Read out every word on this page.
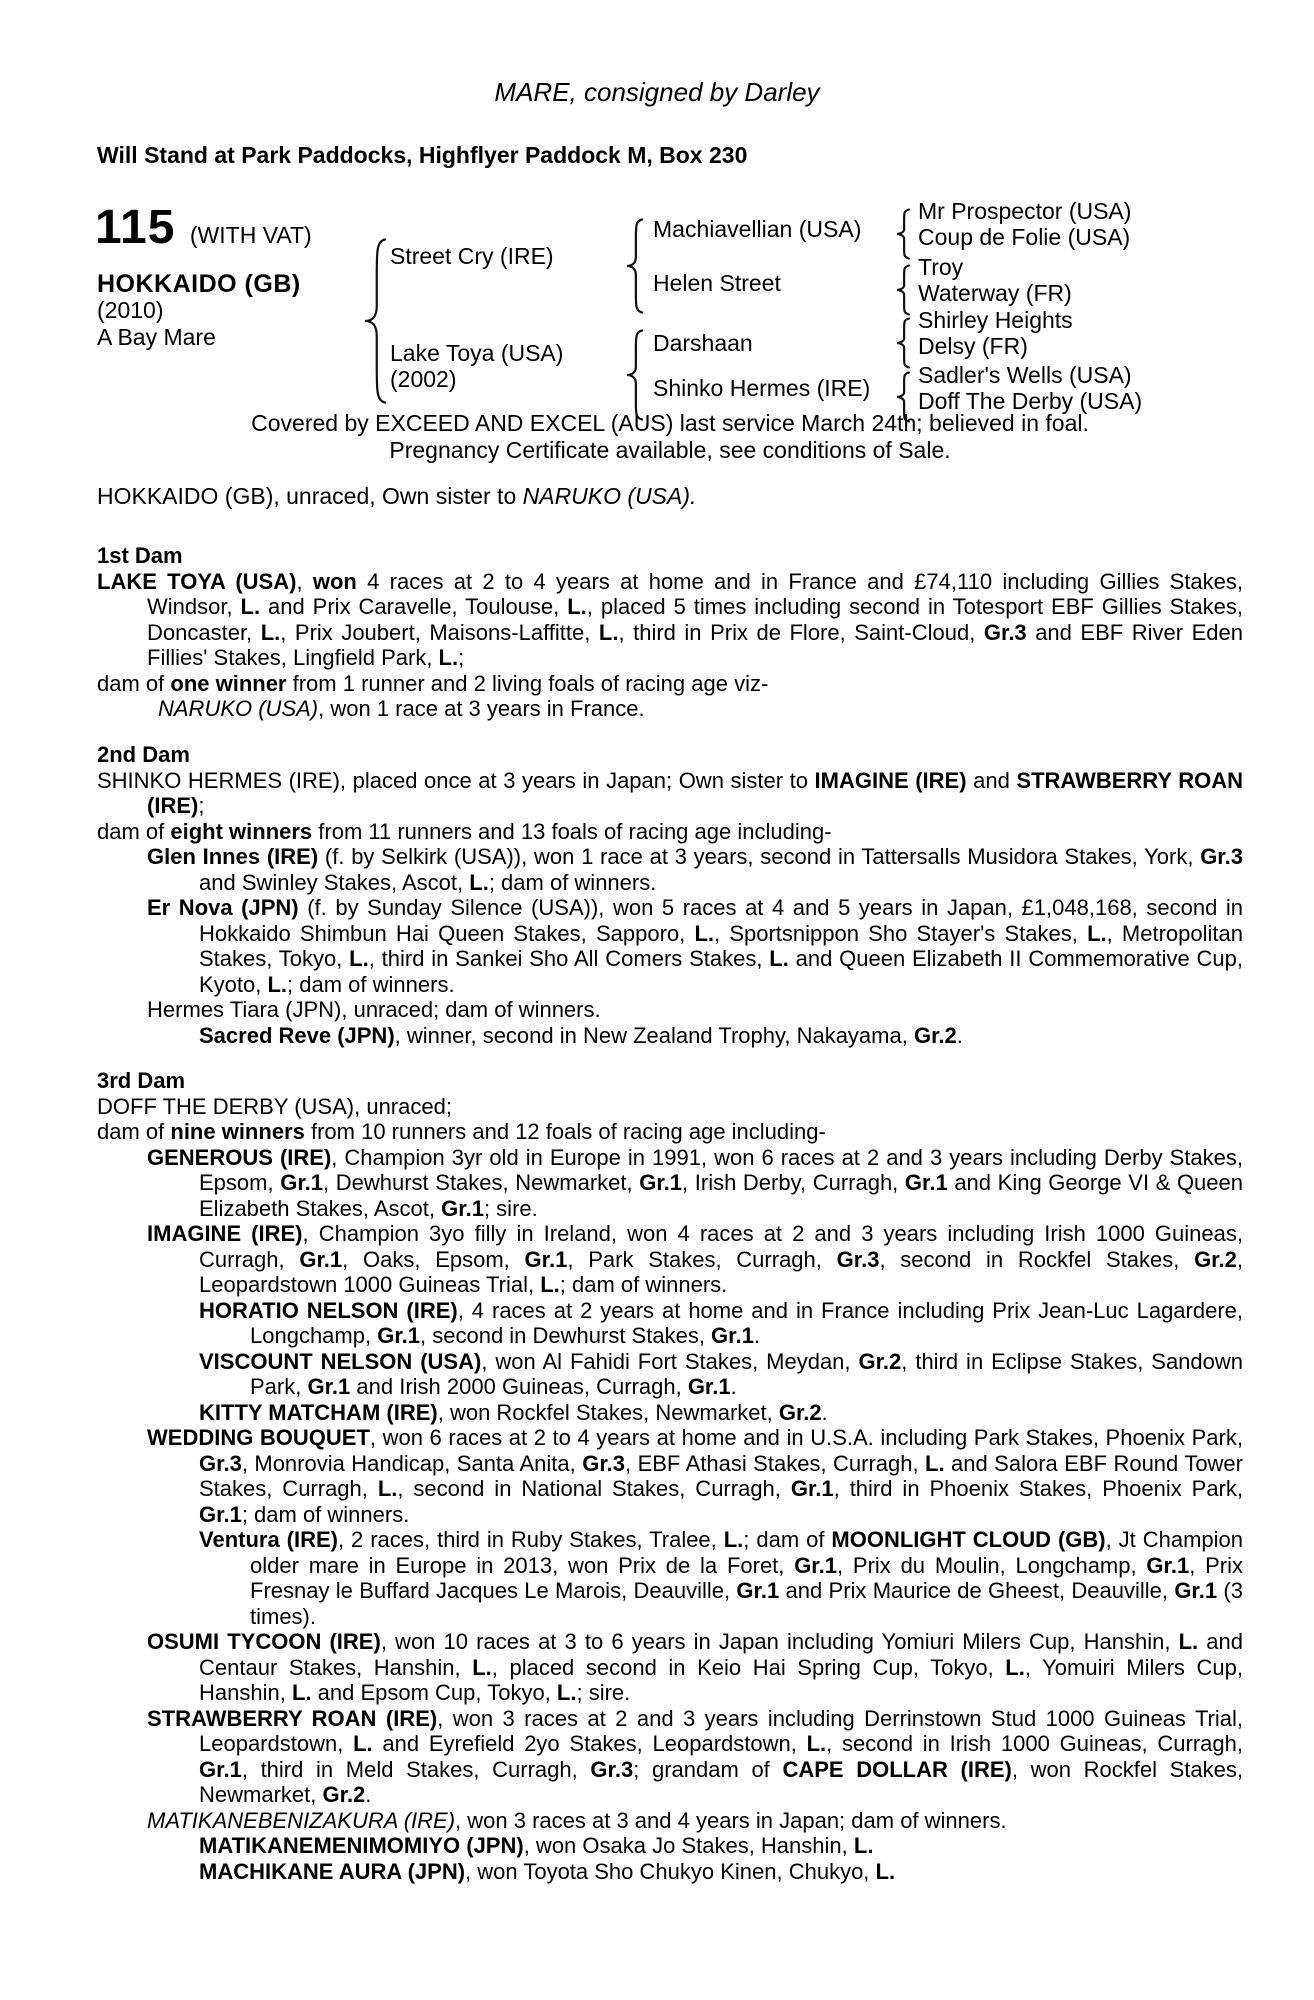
MARE, consigned by Darley
Will Stand at Park Paddocks, Highflyer Paddock M, Box 230
115 (WITH VAT)
HOKKAIDO (GB)
(2010)
A Bay Mare
Street Cry (IRE)
Lake Toya (USA)
(2002)
Machiavellian (USA)
Helen Street
Darshaan
Shinko Hermes (IRE)
Mr Prospector (USA)
Coup de Folie (USA)
Troy
Waterway (FR)
Shirley Heights
Delsy (FR)
Sadler's Wells (USA)
Doff The Derby (USA)
Covered by EXCEED AND EXCEL (AUS) last service March 24th; believed in foal.
Pregnancy Certificate available, see conditions of Sale.
HOKKAIDO (GB), unraced, Own sister to NARUKO (USA).
1st Dam
LAKE TOYA (USA), won 4 races at 2 to 4 years at home and in France and £74,110 including Gillies Stakes, Windsor, L. and Prix Caravelle, Toulouse, L., placed 5 times including second in Totesport EBF Gillies Stakes, Doncaster, L., Prix Joubert, Maisons-Laffitte, L., third in Prix de Flore, Saint-Cloud, Gr.3 and EBF River Eden Fillies' Stakes, Lingfield Park, L.;
dam of one winner from 1 runner and 2 living foals of racing age viz-
NARUKO (USA), won 1 race at 3 years in France.
2nd Dam
SHINKO HERMES (IRE), placed once at 3 years in Japan; Own sister to IMAGINE (IRE) and STRAWBERRY ROAN (IRE);
dam of eight winners from 11 runners and 13 foals of racing age including-
Glen Innes (IRE) (f. by Selkirk (USA)), won 1 race at 3 years, second in Tattersalls Musidora Stakes, York, Gr.3 and Swinley Stakes, Ascot, L.; dam of winners.
Er Nova (JPN) (f. by Sunday Silence (USA)), won 5 races at 4 and 5 years in Japan, £1,048,168, second in Hokkaido Shimbun Hai Queen Stakes, Sapporo, L., Sportsnippon Sho Stayer's Stakes, L., Metropolitan Stakes, Tokyo, L., third in Sankei Sho All Comers Stakes, L. and Queen Elizabeth II Commemorative Cup, Kyoto, L.; dam of winners.
Hermes Tiara (JPN), unraced; dam of winners.
Sacred Reve (JPN), winner, second in New Zealand Trophy, Nakayama, Gr.2.
3rd Dam
DOFF THE DERBY (USA), unraced;
dam of nine winners from 10 runners and 12 foals of racing age including-
GENEROUS (IRE), Champion 3yr old in Europe in 1991, won 6 races at 2 and 3 years including Derby Stakes, Epsom, Gr.1, Dewhurst Stakes, Newmarket, Gr.1, Irish Derby, Curragh, Gr.1 and King George VI & Queen Elizabeth Stakes, Ascot, Gr.1; sire.
IMAGINE (IRE), Champion 3yo filly in Ireland, won 4 races at 2 and 3 years including Irish 1000 Guineas, Curragh, Gr.1, Oaks, Epsom, Gr.1, Park Stakes, Curragh, Gr.3, second in Rockfel Stakes, Gr.2, Leopardstown 1000 Guineas Trial, L.; dam of winners.
HORATIO NELSON (IRE), 4 races at 2 years at home and in France including Prix Jean-Luc Lagardere, Longchamp, Gr.1, second in Dewhurst Stakes, Gr.1.
VISCOUNT NELSON (USA), won Al Fahidi Fort Stakes, Meydan, Gr.2, third in Eclipse Stakes, Sandown Park, Gr.1 and Irish 2000 Guineas, Curragh, Gr.1.
KITTY MATCHAM (IRE), won Rockfel Stakes, Newmarket, Gr.2.
WEDDING BOUQUET, won 6 races at 2 to 4 years at home and in U.S.A. including Park Stakes, Phoenix Park, Gr.3, Monrovia Handicap, Santa Anita, Gr.3, EBF Athasi Stakes, Curragh, L. and Salora EBF Round Tower Stakes, Curragh, L., second in National Stakes, Curragh, Gr.1, third in Phoenix Stakes, Phoenix Park, Gr.1; dam of winners.
Ventura (IRE), 2 races, third in Ruby Stakes, Tralee, L.; dam of MOONLIGHT CLOUD (GB), Jt Champion older mare in Europe in 2013, won Prix de la Foret, Gr.1, Prix du Moulin, Longchamp, Gr.1, Prix Fresnay le Buffard Jacques Le Marois, Deauville, Gr.1 and Prix Maurice de Gheest, Deauville, Gr.1 (3 times).
OSUMI TYCOON (IRE), won 10 races at 3 to 6 years in Japan including Yomiuri Milers Cup, Hanshin, L. and Centaur Stakes, Hanshin, L., placed second in Keio Hai Spring Cup, Tokyo, L., Yomuiri Milers Cup, Hanshin, L. and Epsom Cup, Tokyo, L.; sire.
STRAWBERRY ROAN (IRE), won 3 races at 2 and 3 years including Derrinstown Stud 1000 Guineas Trial, Leopardstown, L. and Eyrefield 2yo Stakes, Leopardstown, L., second in Irish 1000 Guineas, Curragh, Gr.1, third in Meld Stakes, Curragh, Gr.3; grandam of CAPE DOLLAR (IRE), won Rockfel Stakes, Newmarket, Gr.2.
MATIKANEBENIZAKURA (IRE), won 3 races at 3 and 4 years in Japan; dam of winners.
MATIKANEMENIMOMIYO (JPN), won Osaka Jo Stakes, Hanshin, L.
MACHIKANE AURA (JPN), won Toyota Sho Chukyo Kinen, Chukyo, L.
